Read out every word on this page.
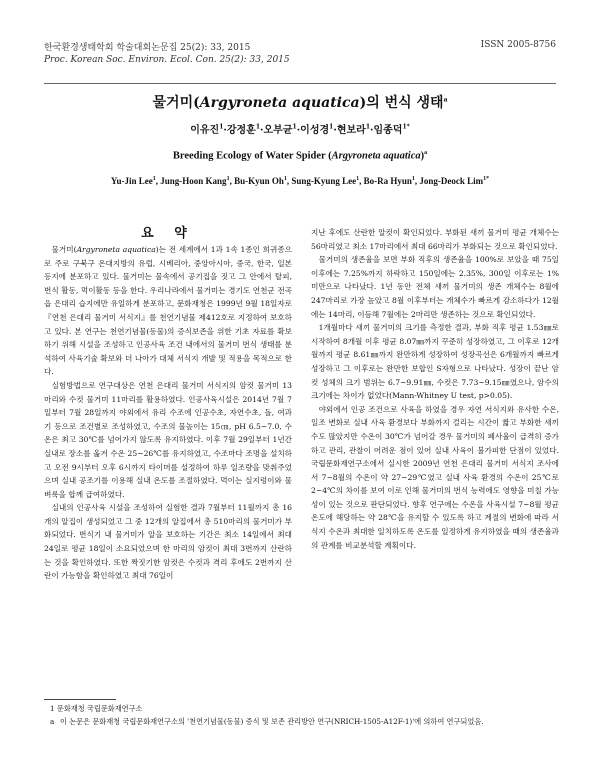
한국환경생태학회 학술대회논문집 25(2): 33, 2015
Proc. Korean Soc. Environ. Ecol. Con. 25(2): 33, 2015
ISSN 2005-8756
물거미(Argyroneta aquatica)의 번식 생태$^a$
이유진$^1$·강정훈$^1$·오부균$^1$·이성경$^1$·현보라$^1$·임종덕$^{1*}$
Breeding Ecology of Water Spider (Argyroneta aquatica)$^a$
Yu-Jin Lee$^1$, Jung-Hoon Kang$^1$, Bu-Kyun Oh$^1$, Sung-Kyung Lee$^1$, Bo-Ra Hyun$^1$, Jong-Deock Lim$^{1*}$
요 약

물거미(Argyroneta aquatica)는 전 세계에서 1과 1속 1종인 희귀종으로 주로 구북구 온대지방의 유럽, 시베리아, 중앙아시아, 중국, 한국, 일본 등지에 분포하고 있다. 물거미는 물속에서 공기집을 짓고 그 안에서 탈피, 번식 활동, 먹이활동 등을 한다. 우리나라에서 물거미는 경기도 연천군 전곡읍 은대리 습지에만 유일하게 분포하고, 문화재청은 1999년 9월 18일자로 『연천 은대리 물거미 서식지』를 천연기념물 제412호로 지정하여 보호하고 있다. 본 연구는 천연기념물(동물)의 증식보존을 위한 기초 자료를 확보하기 위해 시설을 조성하고 인공사육 조건 내에서의 물거미 번식 생태를 분석하여 사육기술 확보와 더 나아가 대체 서식지 개발 및 적용을 목적으로 한다.

실험방법으로 연구대상은 연천 은대리 물거미 서식지의 암컷 물거미 13마리와 수컷 물거미 11마리를 활용하였다. 인공사육시설은 2014년 7월 7일부터 7월 28일까지 야외에서 유리 수조에 인공수초, 자연수초, 돌, 여과기 등으로 조건별로 조성하였고, 수조의 물높이는 15㎝, pH 6.5~7.0, 수온은 최고 30℃를 넘어가지 않도록 유지하였다. 이후 7월 29일부터 1년간 실내로 장소를 옮겨 수온 25~26℃를 유지하였고, 수조마다 조명을 설치하고 오전 9시부터 오후 6시까지 타이머를 설정하여 하루 일조량을 맞춰주었으며 실내 공조기를 이용해 실내 온도를 조절하였다. 먹이는 실지렁이와 물벼룩을 합께 급여하였다.

실내의 인공사육 시설을 조성하여 실험한 결과 7월부터 11월까지 총 16개의 알집이 생성되었고 그 중 12개의 알집에서 총 510마리의 물거미가 부화되었다. 번식기 내 물거미가 알을 보호하는 기간은 최소 14일에서 최대 24일로 평균 18일이 소요되었으며 한 마리의 암컷이 최대 3번까지 산란하는 것을 확인하였다. 또한 짝짓기한 암컷은 수컷과 격리 후에도 2번까지 산란이 가능함을 확인하였고 최대 76일이

지난 후에도 산란한 알컷이 확인되었다. 부화된 새끼 물거미 평균 개체수는 56마리였고 최소 17마리에서 최대 66마리가 부화되는 것으로 확인되었다.

물거미의 생존율을 보면 부화 직후의 생존율을 100%로 보았을 때 75일 이후에는 7.25%까지 하락하고 150일에는 2.35%, 300일 이후로는 1% 미만으로 나타났다. 1년 동안 전체 새끼 물거미의 생존 개체수는 8월에 247마리로 가장 높았고 8월 이후부터는 개체수가 빠르게 감소하다가 12월에는 14마리, 이듬해 7월에는 2마리만 생존하는 것으로 확인되었다.

1개월마다 새끼 물거미의 크기를 측정한 결과, 부화 직후 평균 1.53㎜로 시작하여 8개월 이후 평균 8.07㎜까지 꾸준히 성장하였고, 그 이후로 12개월까지 평균 8.61㎜까지 완만하게 성장하여 성장곡선은 6개월까지 빠르게 성장하고 그 이후로는 완만한 보합인 S자형으로 나타났다. 성장이 끝난 암컷 성체의 크기 범위는 6.7~9.91㎜, 수컷은 7.73~9.15㎜였으나, 암수의 크기에는 차이가 없었다(Mann-Whitney U test, p>0.05).

야외에서 인공 조건으로 사육을 하였을 경우 자연 서식지와 유사한 수온, 일조 변화로 실내 사육 환경보다 부화까지 걸리는 시간이 짧고 부화한 새끼 수도 많았지만 수온이 30℃가 넘어갈 경우 물거미의 폐사율이 급격히 증가하고 관리, 관찰이 어려운 점이 있어 실내 사육이 불가피한 단점이 있었다. 국립문화재연구소에서 실시한 2009년 연천 은대리 물거미 서식지 조사에서 7~8월의 수온이 약 27~29℃였고 실내 사육 환경의 수온이 25℃로 2~4℃의 차이를 보여 이로 인해 물거미의 번식 능력에도 영향을 미칠 가능성이 있는 것으로 판단되었다. 향후 연구에는 수온을 사육시설 7~8월 평균 온도에 해당하는 약 28℃을 유지할 수 있도록 하고 계절의 변화에 따라 서식지 수온과 최대한 일치하도록 온도를 일정하게 유지하였을 때의 생존율과의 관계를 비교분석할 계획이다.

1 문화재청 국립문화재연구소
a 이 논문은 문화재청 국립문화재연구소의 '천연기념물(동물) 증식 및 보존 관리방안 연구(NRICH-1505-A12F-1)'에 의하여 연구되었음.
